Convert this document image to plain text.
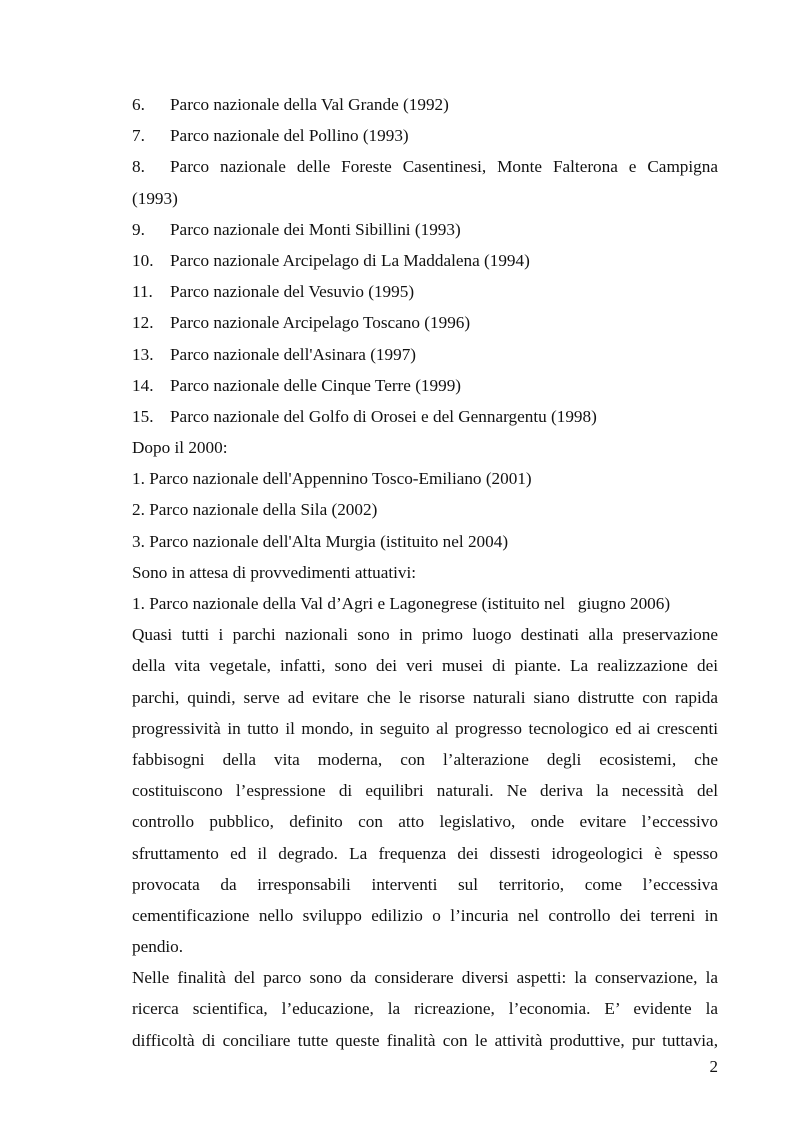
6. Parco nazionale della Val Grande (1992)
7. Parco nazionale del Pollino (1993)
8. Parco nazionale delle Foreste Casentinesi, Monte Falterona e Campigna
(1993)
9. Parco nazionale dei Monti Sibillini (1993)
10. Parco nazionale Arcipelago di La Maddalena (1994)
11. Parco nazionale del Vesuvio (1995)
12. Parco nazionale Arcipelago Toscano (1996)
13. Parco nazionale dell'Asinara (1997)
14. Parco nazionale delle Cinque Terre (1999)
15. Parco nazionale del Golfo di Orosei e del Gennargentu (1998)
Dopo il 2000:
1. Parco nazionale dell'Appennino Tosco-Emiliano (2001)
2. Parco nazionale della Sila (2002)
3. Parco nazionale dell'Alta Murgia (istituito nel 2004)
Sono in attesa di provvedimenti attuativi:
1. Parco nazionale della Val d’Agri e Lagonegrese (istituito nel   giugno 2006)
Quasi tutti i parchi nazionali sono in primo luogo destinati alla preservazione
della vita vegetale, infatti, sono dei veri musei di piante. La realizzazione dei
parchi, quindi, serve ad evitare che le risorse naturali siano distrutte con rapida
progressività in tutto il mondo, in seguito al progresso tecnologico ed ai crescenti
fabbisogni della vita moderna, con l’alterazione degli ecosistemi, che
costituiscono l’espressione di equilibri naturali. Ne deriva la necessità del
controllo pubblico, definito con atto legislativo, onde evitare l’eccessivo
sfruttamento ed il degrado. La frequenza dei dissesti idrogeologici è spesso
provocata da irresponsabili interventi sul territorio, come l’eccessiva
cementificazione nello sviluppo edilizio o l’incuria nel controllo dei terreni in
pendio.
Nelle finalità del parco sono da considerare diversi aspetti: la conservazione, la
ricerca scientifica, l’educazione, la ricreazione, l’economia. E’ evidente la
difficoltà di conciliare tutte queste finalità con le attività produttive, pur tuttavia,
2
